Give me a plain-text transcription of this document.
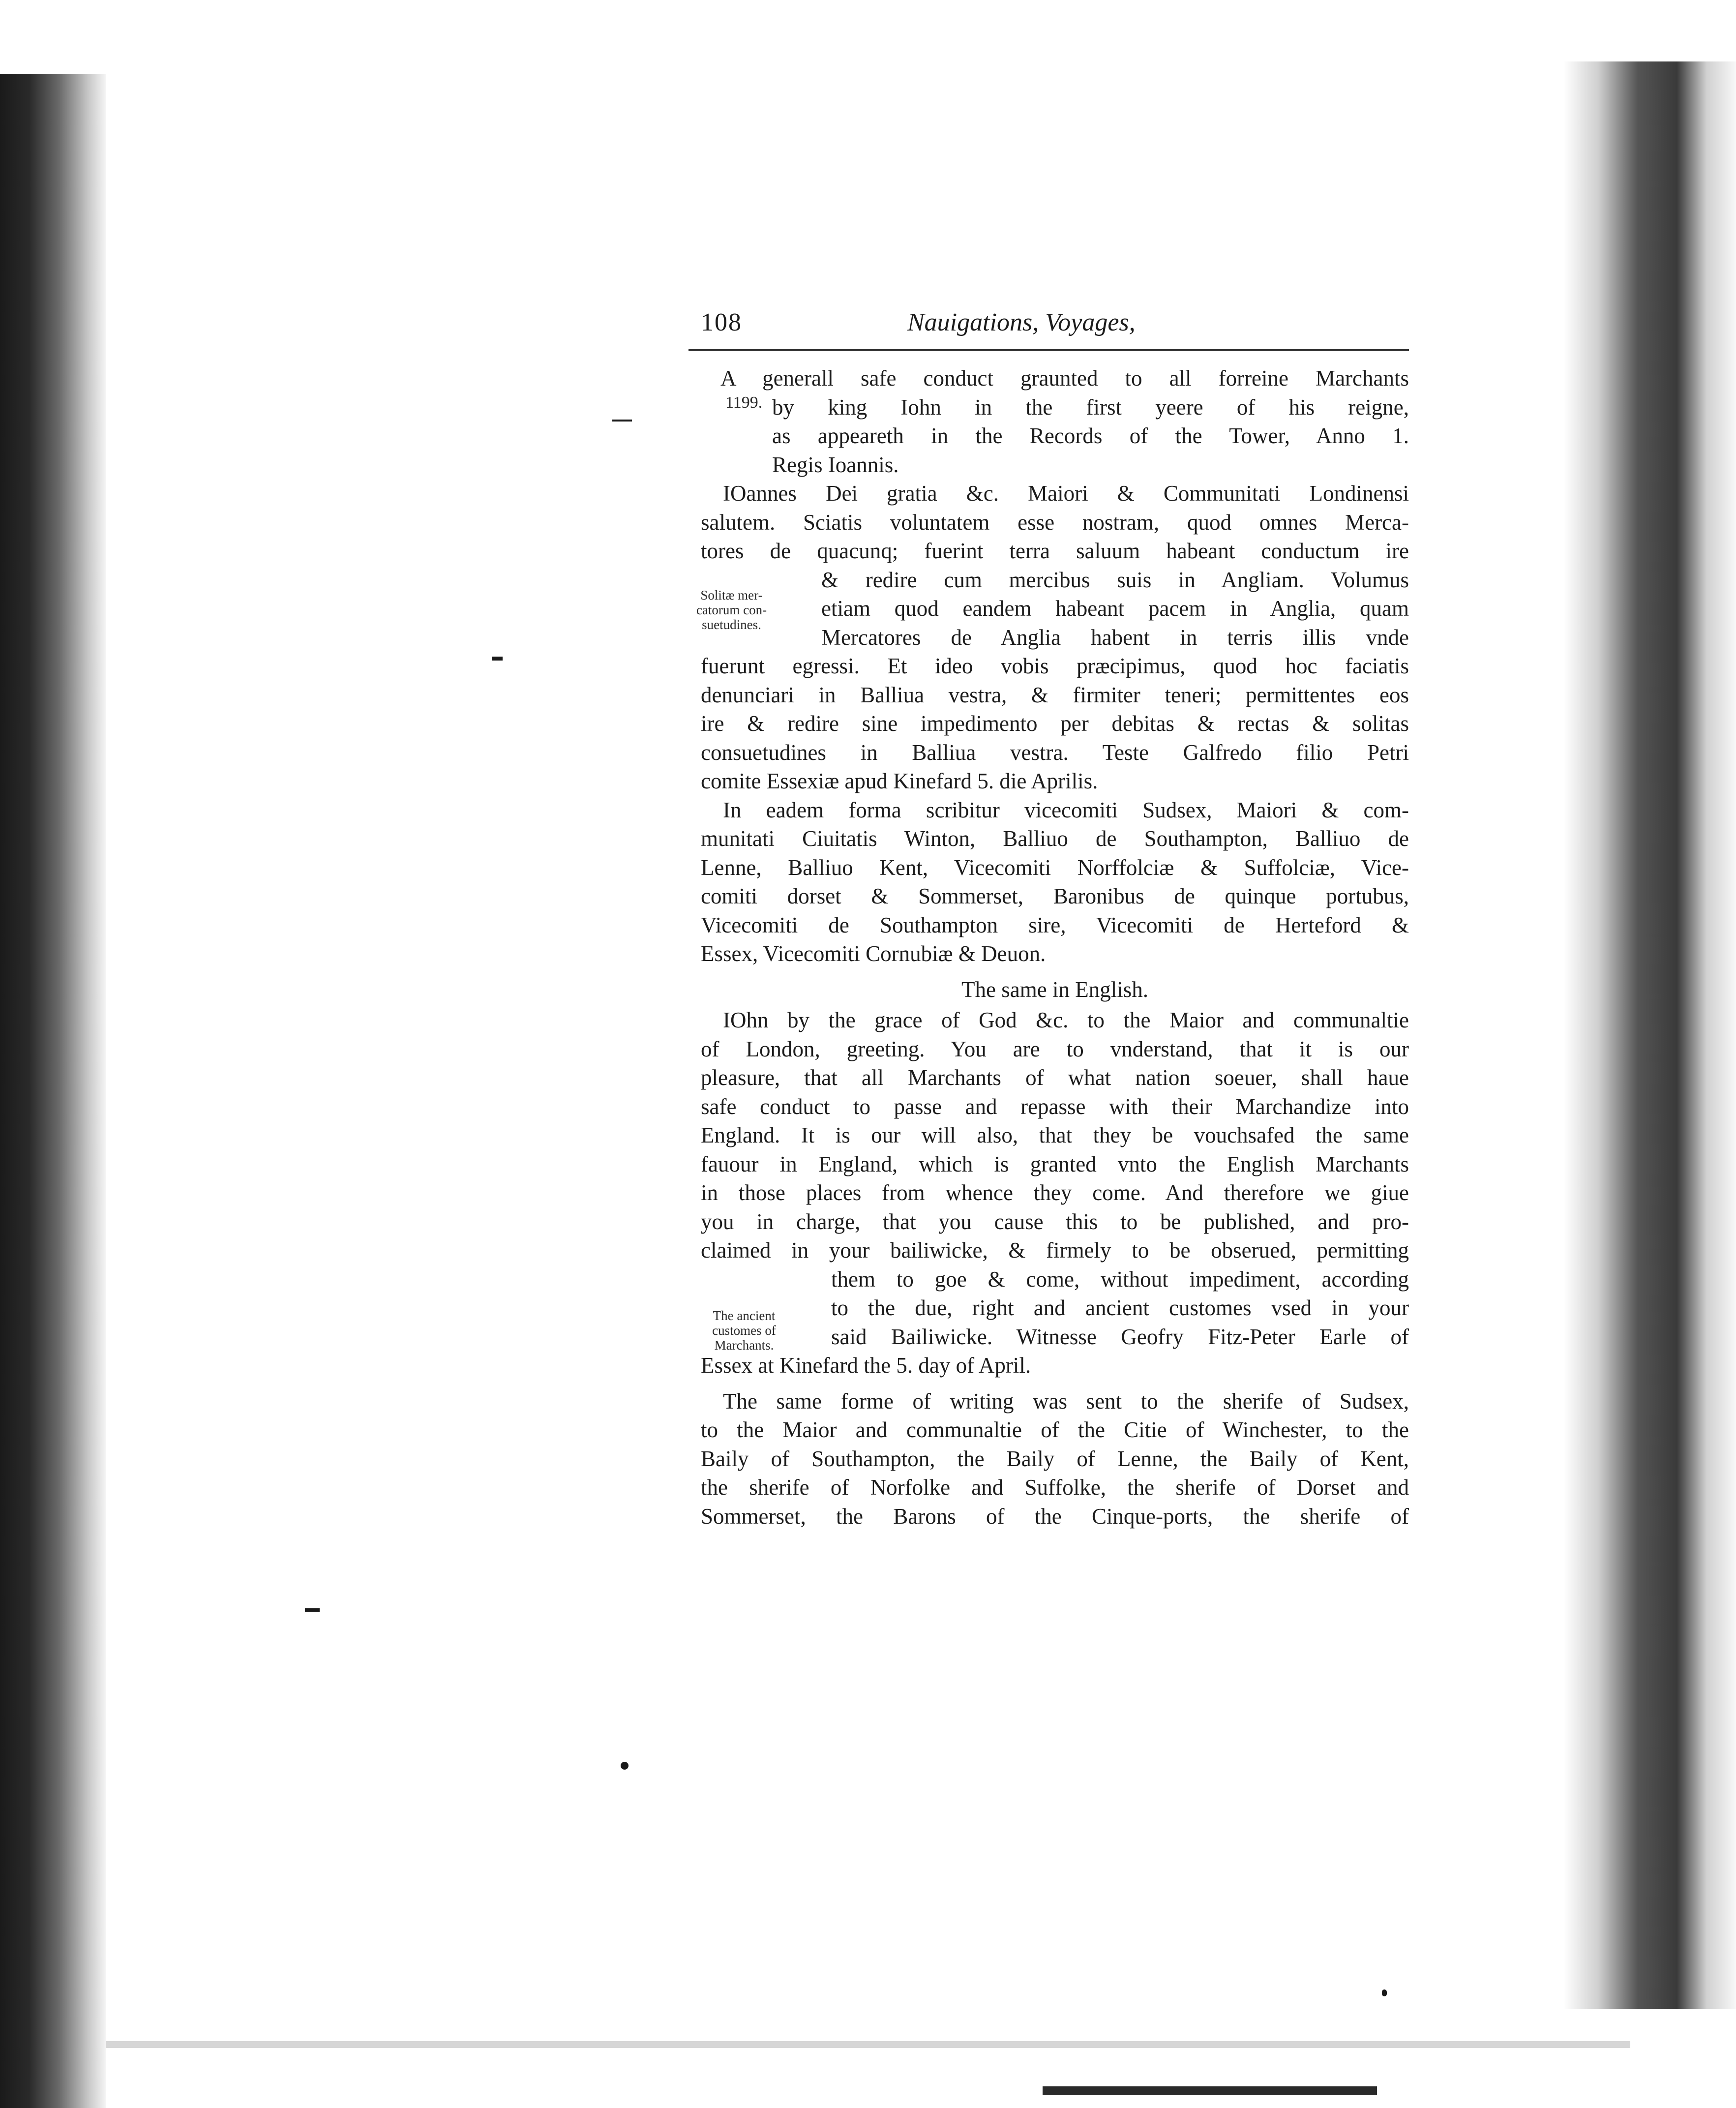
108	Nauigations, Voyages,
1199.
Solitæ mer-
catorum con-
suetudines.
The ancient
customes of
Marchants.

A generall safe conduct graunted to all forreine Marchants

by king Iohn in the first yeere of his reigne,

as appeareth in the Records of the Tower, Anno 1.

Regis Ioannis.

IOannes Dei gratia &c. Maiori & Communitati Londinensi

salutem. Sciatis voluntatem esse nostram, quod omnes Merca-

tores de quacunq; fuerint terra saluum habeant conductum ire

& redire cum mercibus suis in Angliam. Volumus

etiam quod eandem habeant pacem in Anglia, quam

Mercatores de Anglia habent in terris illis vnde

fuerunt egressi. Et ideo vobis præcipimus, quod hoc faciatis

denunciari in Balliua vestra, & firmiter teneri; permittentes eos

ire & redire sine impedimento per debitas & rectas & solitas

consuetudines in Balliua vestra. Teste Galfredo filio Petri

comite Essexiæ apud Kinefard 5. die Aprilis.

In eadem forma scribitur vicecomiti Sudsex, Maiori & com-

munitati Ciuitatis Winton, Balliuo de Southampton, Balliuo de

Lenne, Balliuo Kent, Vicecomiti Norffolciæ & Suffolciæ, Vice-

comiti dorset & Sommerset, Baronibus de quinque portubus,

Vicecomiti de Southampton sire, Vicecomiti de Herteford &

Essex, Vicecomiti Cornubiæ & Deuon.

The same in English.

IOhn by the grace of God &c. to the Maior and communaltie

of London, greeting. You are to vnderstand, that it is our

pleasure, that all Marchants of what nation soeuer, shall haue

safe conduct to passe and repasse with their Marchandize into

England. It is our will also, that they be vouchsafed the same

fauour in England, which is granted vnto the English Marchants

in those places from whence they come. And therefore we giue

you in charge, that you cause this to be published, and pro-

claimed in your bailiwicke, & firmely to be obserued, permitting

them to goe & come, without impediment, according

to the due, right and ancient customes vsed in your

said Bailiwicke. Witnesse Geofry Fitz-Peter Earle of

Essex at Kinefard the 5. day of April.

The same forme of writing was sent to the sherife of Sudsex,

to the Maior and communaltie of the Citie of Winchester, to the

Baily of Southampton, the Baily of Lenne, the Baily of Kent,

the sherife of Norfolke and Suffolke, the sherife of Dorset and

Sommerset, the Barons of the Cinque-ports, the sherife of
